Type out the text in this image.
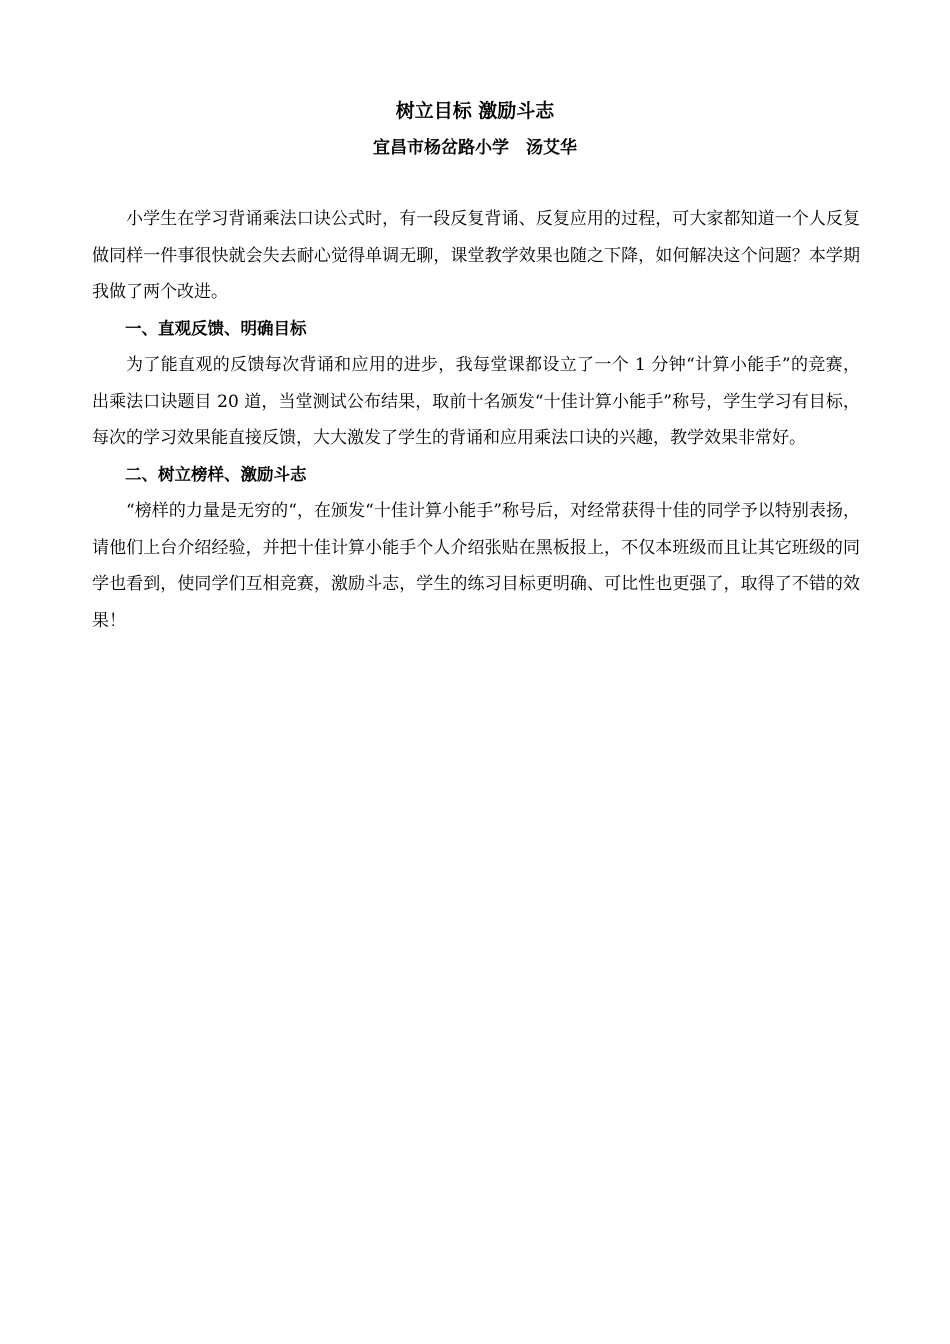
树立目标 激励斗志
宜昌市杨岔路小学　汤艾华

小学生在学习背诵乘法口诀公式时，有一段反复背诵、反复应用的过程，可大家都知道一个人反复做同样一件事很快就会失去耐心觉得单调无聊，课堂教学效果也随之下降，如何解决这个问题？本学期我做了两个改进。

一、直观反馈、明确目标

为了能直观的反馈每次背诵和应用的进步，我每堂课都设立了一个 1 分钟“计算小能手”的竞赛，出乘法口诀题目 20 道，当堂测试公布结果，取前十名颁发“十佳计算小能手”称号，学生学习有目标，每次的学习效果能直接反馈，大大激发了学生的背诵和应用乘法口诀的兴趣，教学效果非常好。

二、树立榜样、激励斗志

“榜样的力量是无穷的“，在颁发“十佳计算小能手”称号后，对经常获得十佳的同学予以特别表扬，请他们上台介绍经验，并把十佳计算小能手个人介绍张贴在黑板报上，不仅本班级而且让其它班级的同学也看到，使同学们互相竞赛，激励斗志，学生的练习目标更明确、可比性也更强了，取得了不错的效果！
